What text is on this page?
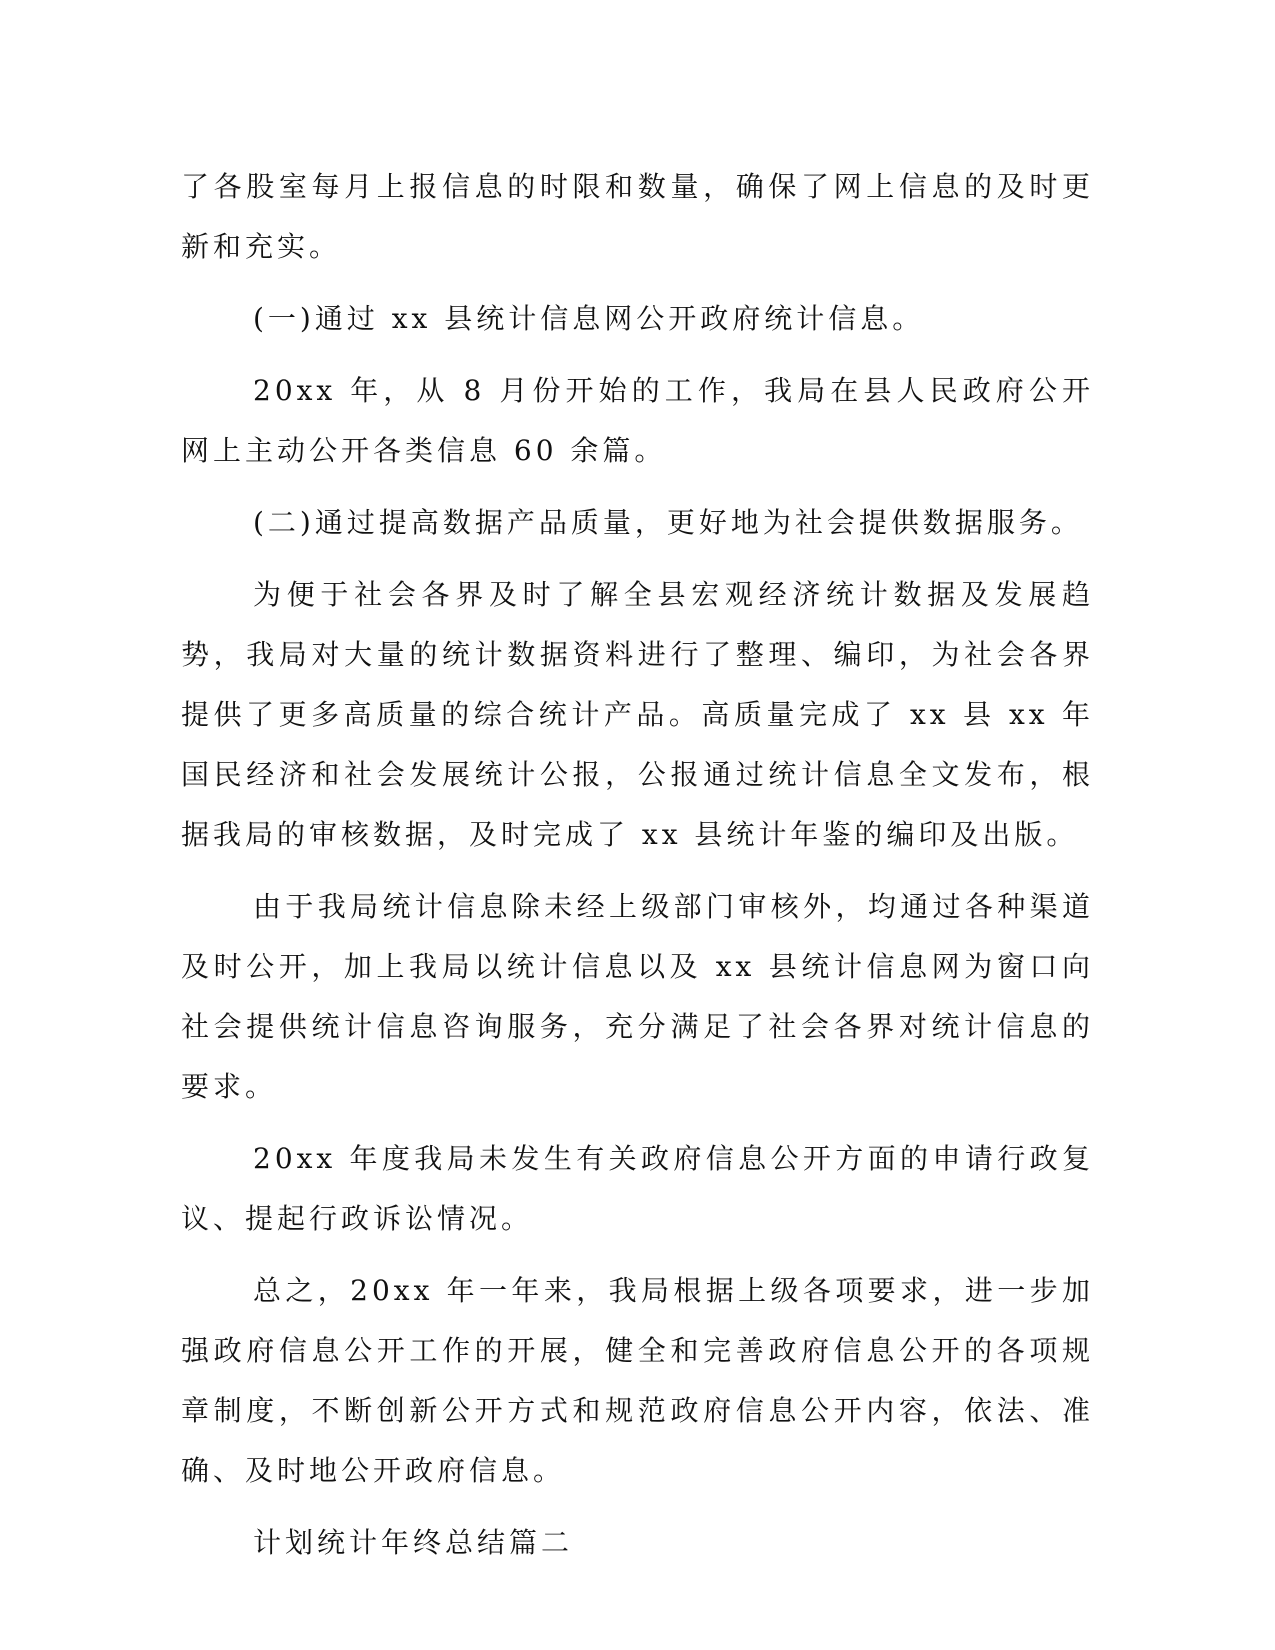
了各股室每月上报信息的时限和数量，确保了网上信息的及时更新和充实。

(一)通过 xx 县统计信息网公开政府统计信息。

20xx 年，从 8 月份开始的工作，我局在县人民政府公开网上主动公开各类信息 60 余篇。

(二)通过提高数据产品质量，更好地为社会提供数据服务。

为便于社会各界及时了解全县宏观经济统计数据及发展趋势，我局对大量的统计数据资料进行了整理、编印，为社会各界提供了更多高质量的综合统计产品。高质量完成了 xx 县 xx 年国民经济和社会发展统计公报，公报通过统计信息全文发布，根据我局的审核数据，及时完成了 xx 县统计年鉴的编印及出版。

由于我局统计信息除未经上级部门审核外，均通过各种渠道及时公开，加上我局以统计信息以及 xx 县统计信息网为窗口向社会提供统计信息咨询服务，充分满足了社会各界对统计信息的要求。

20xx 年度我局未发生有关政府信息公开方面的申请行政复议、提起行政诉讼情况。

总之，20xx 年一年来，我局根据上级各项要求，进一步加强政府信息公开工作的开展，健全和完善政府信息公开的各项规章制度，不断创新公开方式和规范政府信息公开内容，依法、准确、及时地公开政府信息。

计划统计年终总结篇二
